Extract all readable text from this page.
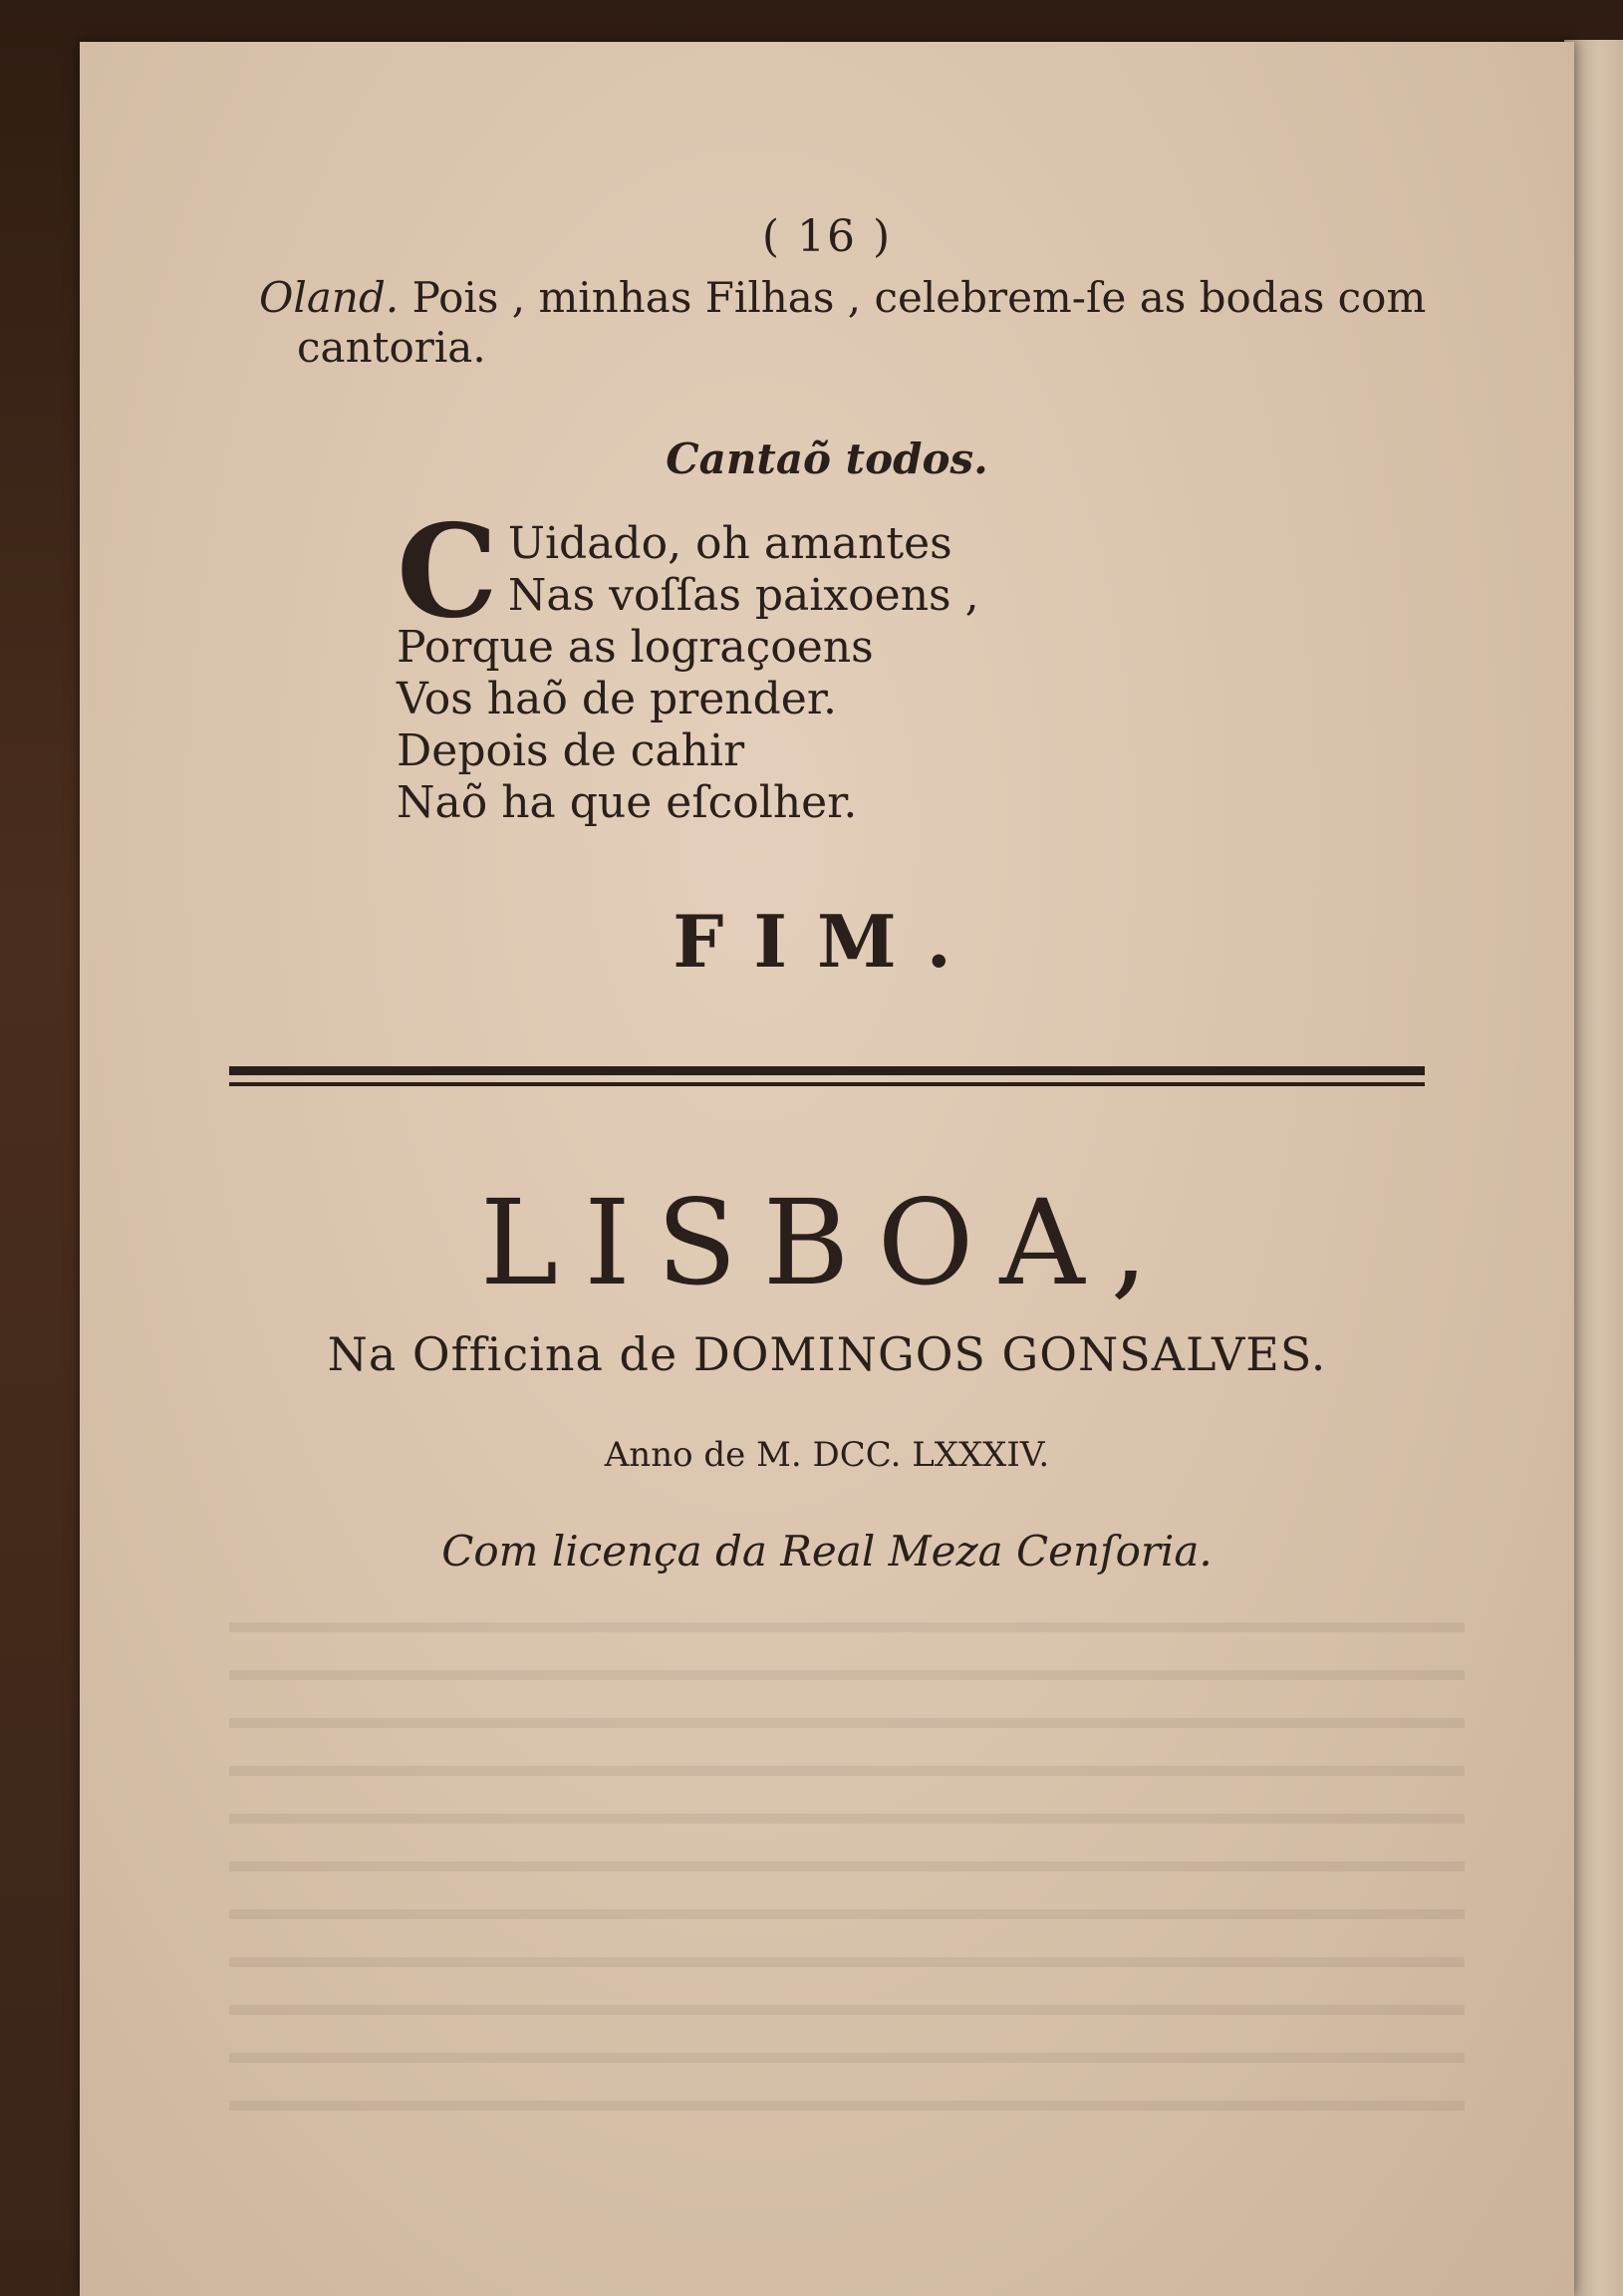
( 16 )
Oland. Pois , minhas Filhas , celebrem-ſe as bodas com
cantoria.
Cantaõ todos.
C Uidado, oh amantes
Nas voſſas paixoens ,
Porque as lograçoens
Vos haõ de prender.
Depois de cahir
Naõ ha que eſcolher.
FIM.
LISBOA,
Na Officina de DOMINGOS GONSALVES.
Anno de M. DCC. LXXXIV.
Com licença da Real Meza Cenſoria.
